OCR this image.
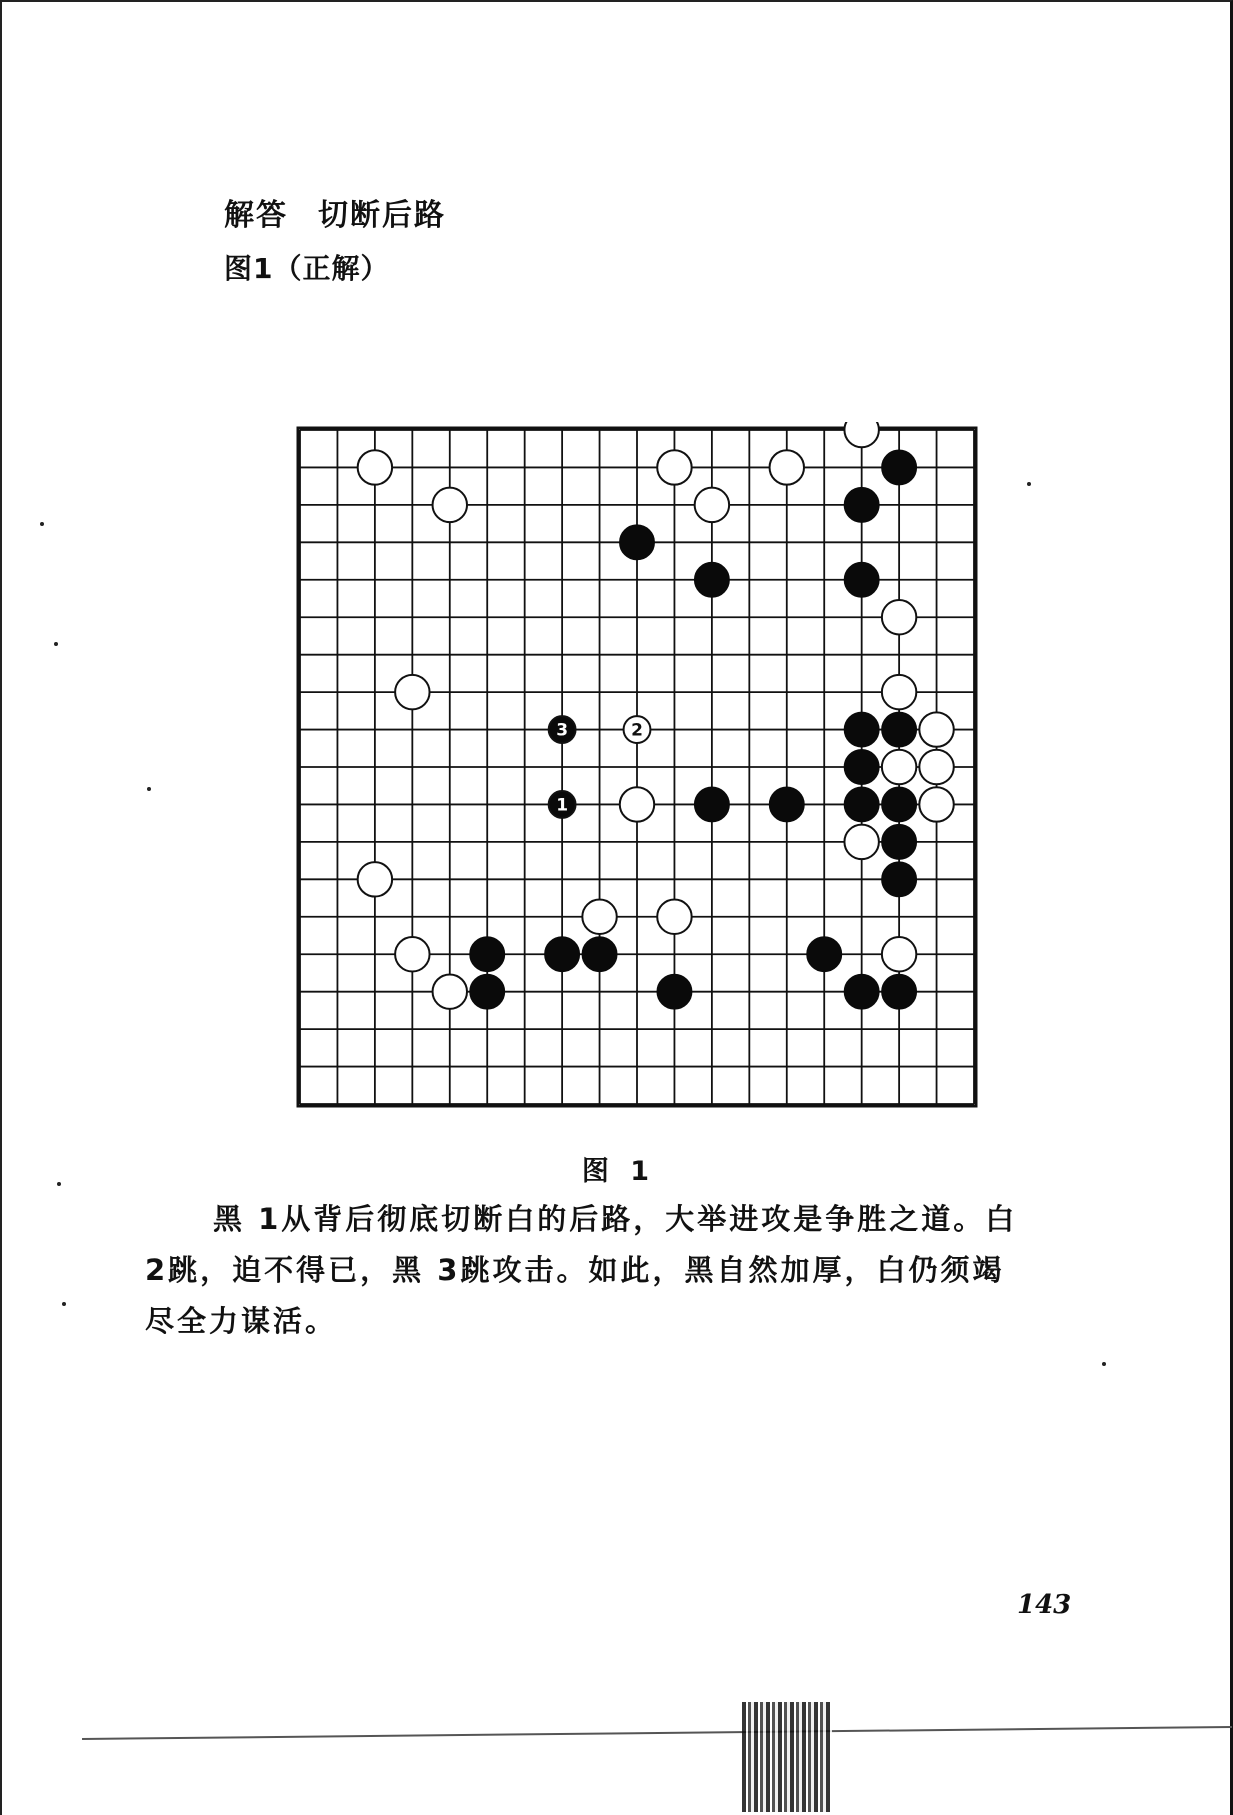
解答 切断后路
图1（正解）
1
2
3
图 1
黑 1从背后彻底切断白的后路，大举进攻是争胜之道。白
2跳，迫不得已，黑 3跳攻击。如此，黑自然加厚，白仍须竭
尽全力谋活。
143
